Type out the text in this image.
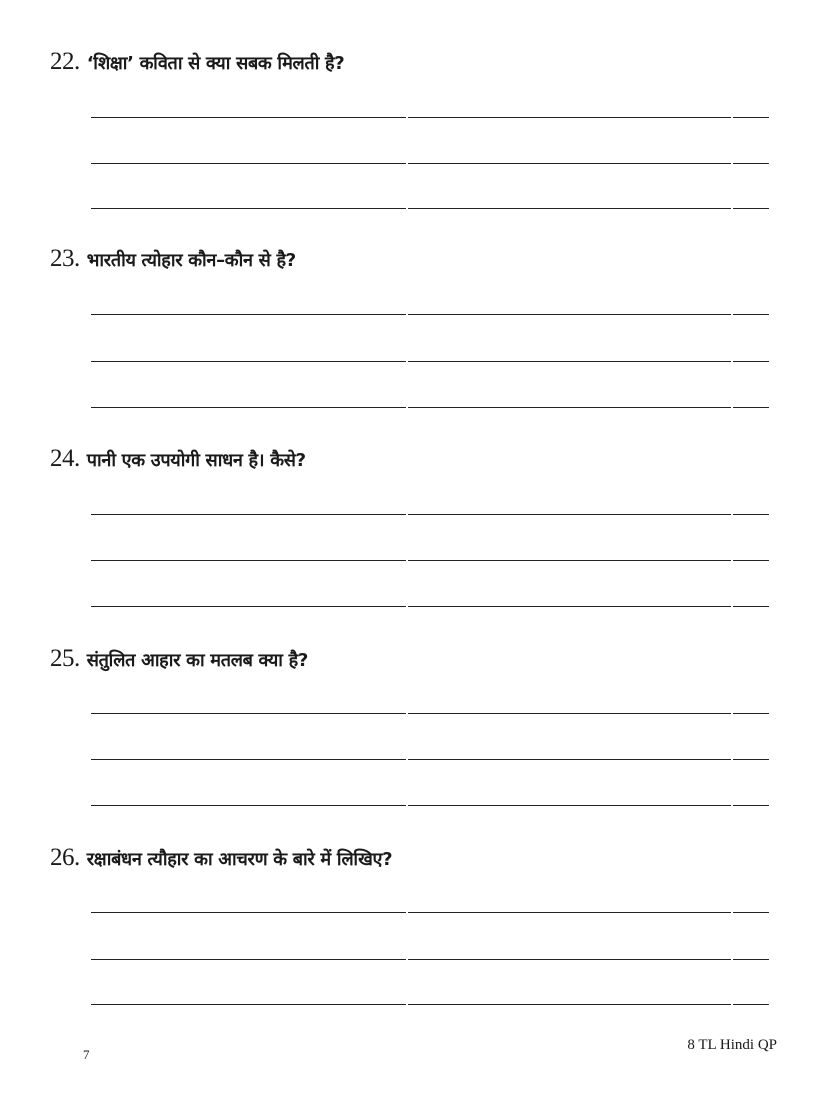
22. ‘शिक्षा’ कविता से क्या सबक मिलती है?
23. भारतीय त्योहार कौन–कौन से है?
24. पानी एक उपयोगी साधन है। कैसे?
25. संतुलित आहार का मतलब क्या है?
26. रक्षाबंधन त्यौहार का आचरण के बारे में लिखिए?
7
8 TL Hindi QP
